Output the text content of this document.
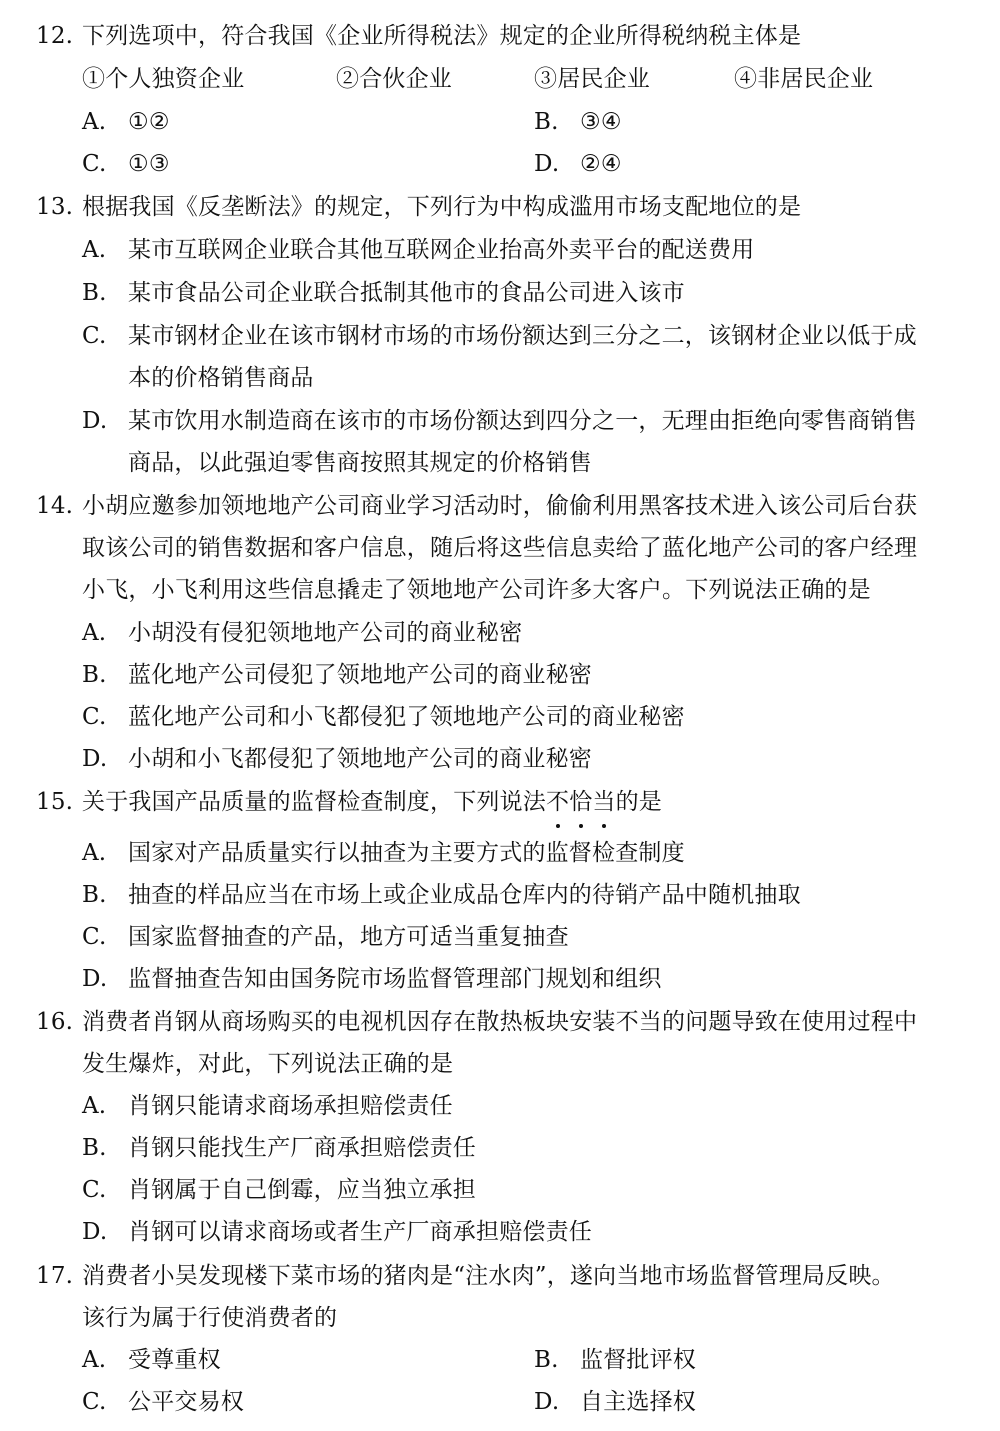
12. 下列选项中，符合我国《企业所得税法》规定的企业所得税纳税主体是
①个人独资企业	②合伙企业	③居民企业	④非居民企业
A. ①②	B. ③④
C. ①③	D. ②④
13. 根据我国《反垄断法》的规定，下列行为中构成滥用市场支配地位的是
A. 某市互联网企业联合其他互联网企业抬高外卖平台的配送费用
B. 某市食品公司企业联合抵制其他市的食品公司进入该市
C. 某市钢材企业在该市钢材市场的市场份额达到三分之二，该钢材企业以低于成
本的价格销售商品
D. 某市饮用水制造商在该市的市场份额达到四分之一，无理由拒绝向零售商销售
商品，以此强迫零售商按照其规定的价格销售
14. 小胡应邀参加领地地产公司商业学习活动时，偷偷利用黑客技术进入该公司后台获
取该公司的销售数据和客户信息，随后将这些信息卖给了蓝化地产公司的客户经理
小飞，小飞利用这些信息撬走了领地地产公司许多大客户。下列说法正确的是
A. 小胡没有侵犯领地地产公司的商业秘密
B. 蓝化地产公司侵犯了领地地产公司的商业秘密
C. 蓝化地产公司和小飞都侵犯了领地地产公司的商业秘密
D. 小胡和小飞都侵犯了领地地产公司的商业秘密
15. 关于我国产品质量的监督检查制度，下列说法不恰当的是
A. 国家对产品质量实行以抽查为主要方式的监督检查制度
B. 抽查的样品应当在市场上或企业成品仓库内的待销产品中随机抽取
C. 国家监督抽查的产品，地方可适当重复抽查
D. 监督抽查告知由国务院市场监督管理部门规划和组织
16. 消费者肖钢从商场购买的电视机因存在散热板块安装不当的问题导致在使用过程中
发生爆炸，对此，下列说法正确的是
A. 肖钢只能请求商场承担赔偿责任
B. 肖钢只能找生产厂商承担赔偿责任
C. 肖钢属于自己倒霉，应当独立承担
D. 肖钢可以请求商场或者生产厂商承担赔偿责任
17. 消费者小吴发现楼下菜市场的猪肉是“注水肉”，遂向当地市场监督管理局反映。
该行为属于行使消费者的
A. 受尊重权	B. 监督批评权
C. 公平交易权	D. 自主选择权
